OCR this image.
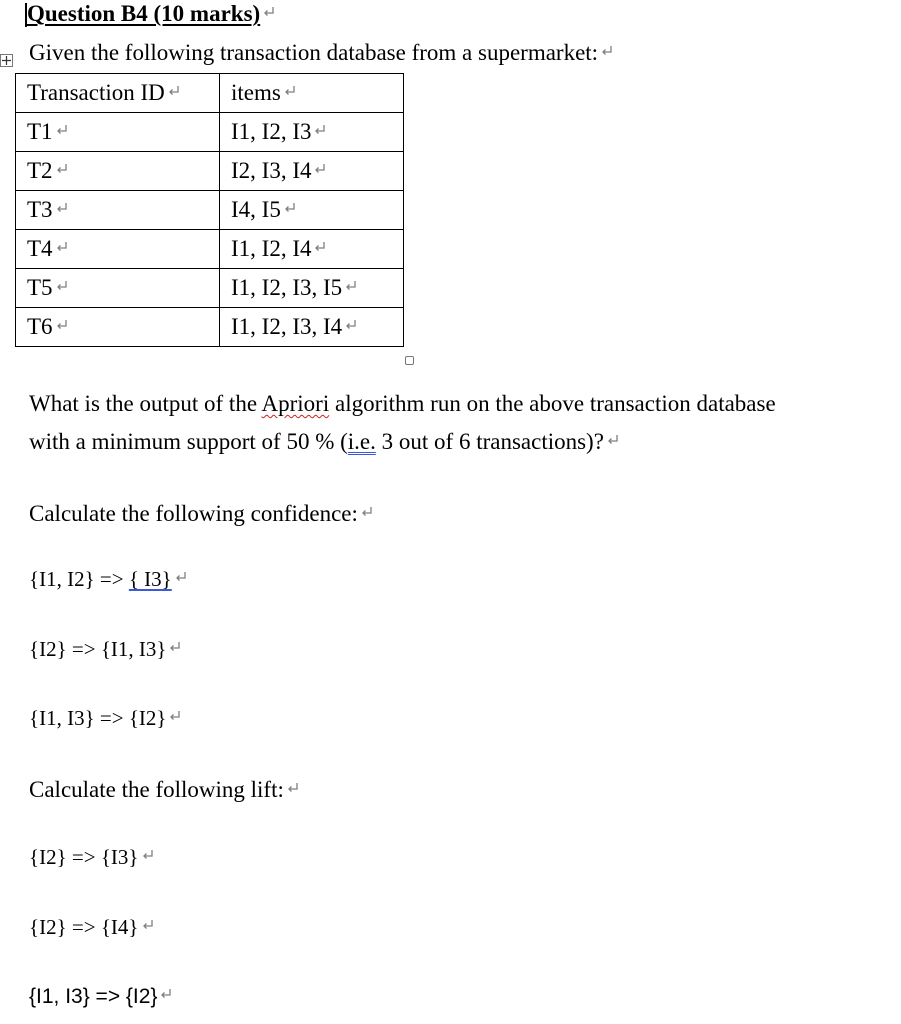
Question B4 (10 marks)
Given the following transaction database from a supermarket:
Transaction ID	items

T1	I1, I2, I3

T2	I2, I3, I4

T3	I4, I5

T4	I1, I2, I4

T5	I1, I2, I3, I5

T6	I1, I2, I3, I4
What is the output of the Apriori algorithm run on the above transaction database
with a minimum support of 50 % (i.e. 3 out of 6 transactions)?
Calculate the following confidence:
{I1, I2} => { I3}
{I2} => {I1, I3}
{I1, I3} => {I2}
Calculate the following lift:
{I2} => {I3}
{I2} => {I4}
{I1, I3} => {I2}
